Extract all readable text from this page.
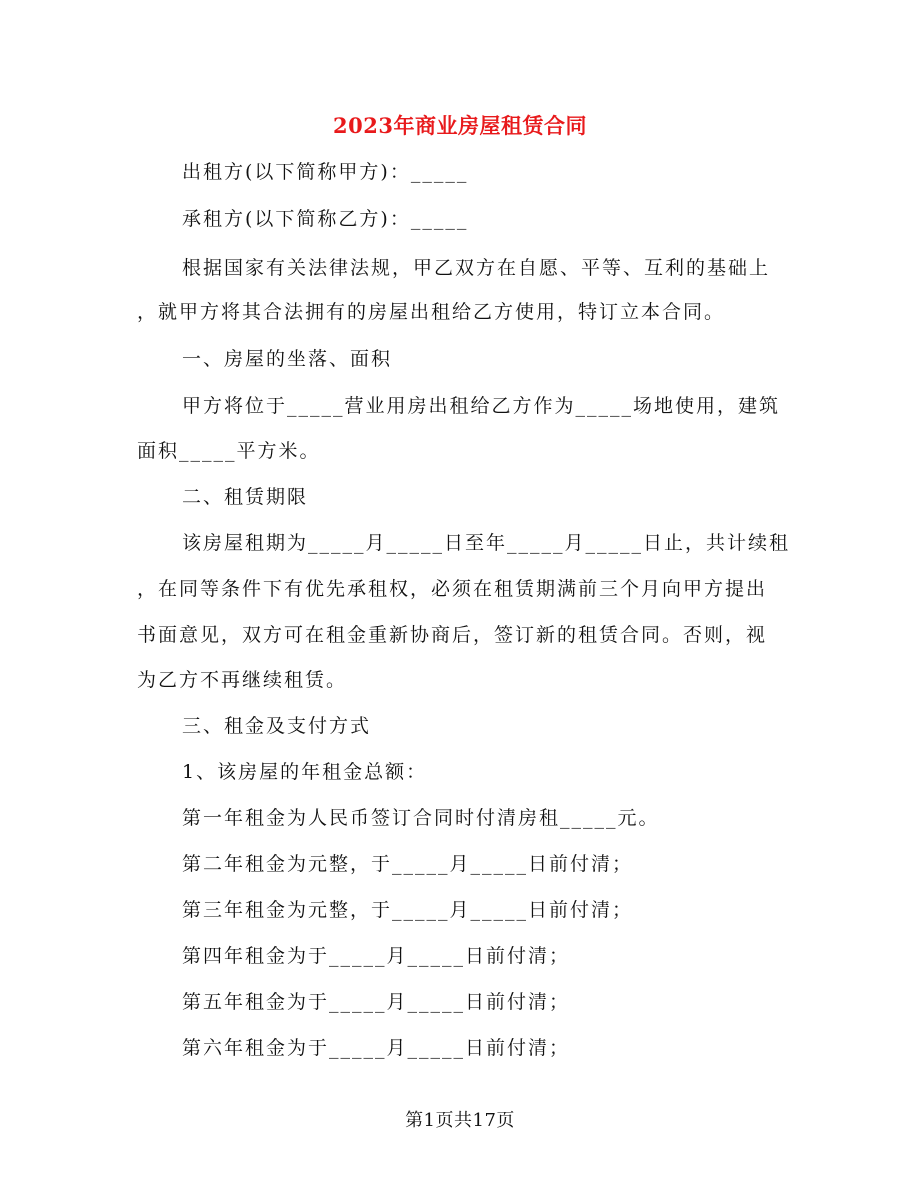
2023年商业房屋租赁合同

出租方(以下简称甲方)：_____

承租方(以下简称乙方)：_____

根据国家有关法律法规，甲乙双方在自愿、平等、互利的基础上

，就甲方将其合法拥有的房屋出租给乙方使用，特订立本合同。

一、房屋的坐落、面积

甲方将位于_____营业用房出租给乙方作为_____场地使用，建筑

面积_____平方米。

二、租赁期限

该房屋租期为_____月_____日至年_____月_____日止，共计续租

，在同等条件下有优先承租权，必须在租赁期满前三个月向甲方提出

书面意见，双方可在租金重新协商后，签订新的租赁合同。否则，视

为乙方不再继续租赁。

三、租金及支付方式

1、该房屋的年租金总额：

第一年租金为人民币签订合同时付清房租_____元。

第二年租金为元整，于_____月_____日前付清；

第三年租金为元整，于_____月_____日前付清；

第四年租金为于_____月_____日前付清；

第五年租金为于_____月_____日前付清；

第六年租金为于_____月_____日前付清；

第1页共17页
